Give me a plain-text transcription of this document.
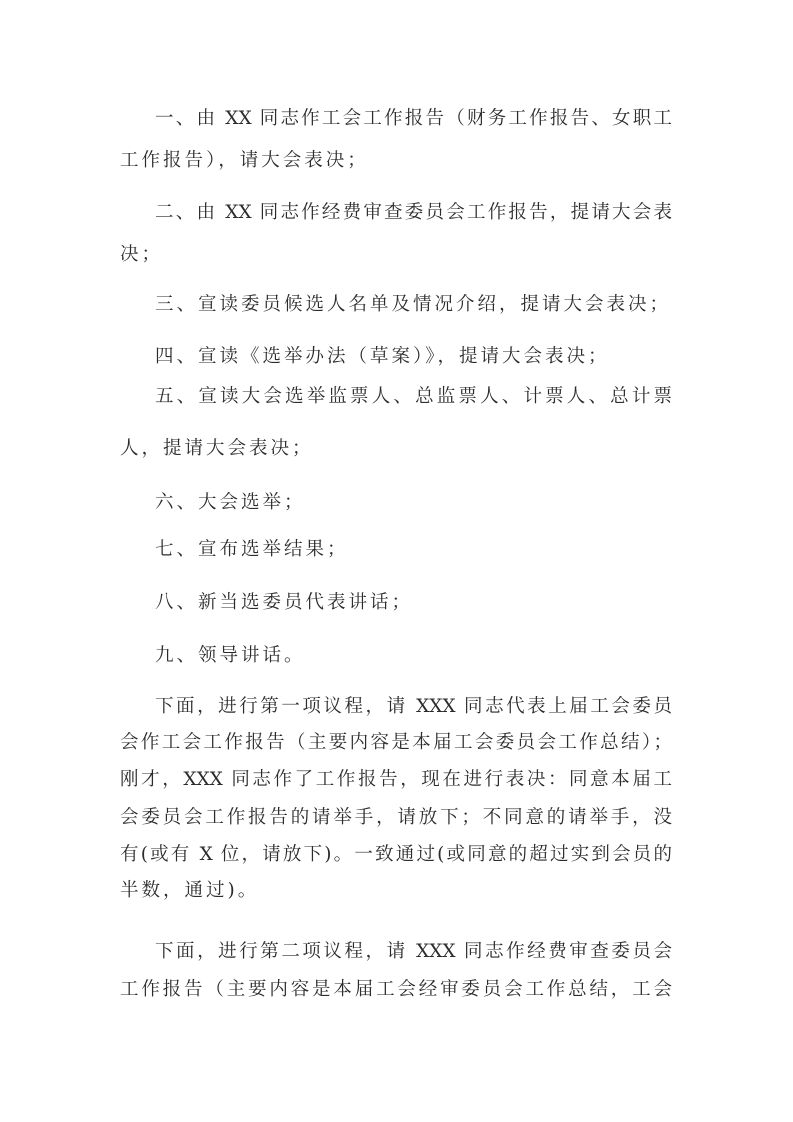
一、由 XX 同志作工会工作报告（财务工作报告、女职工
工作报告），请大会表决；
二、由 XX 同志作经费审查委员会工作报告，提请大会表
决；
三、宣读委员候选人名单及情况介绍，提请大会表决；
四、宣读《选举办法（草案）》，提请大会表决；
五、宣读大会选举监票人、总监票人、计票人、总计票
人，提请大会表决；
六、大会选举；
七、宣布选举结果；
八、新当选委员代表讲话；
九、领导讲话。
下面，进行第一项议程，请 XXX 同志代表上届工会委员
会作工会工作报告（主要内容是本届工会委员会工作总结）；
刚才，XXX 同志作了工作报告，现在进行表决：同意本届工
会委员会工作报告的请举手，请放下；不同意的请举手，没
有(或有 X 位，请放下)。一致通过(或同意的超过实到会员的
半数，通过)。
下面，进行第二项议程，请 XXX 同志作经费审查委员会
工作报告（主要内容是本届工会经审委员会工作总结，工会
